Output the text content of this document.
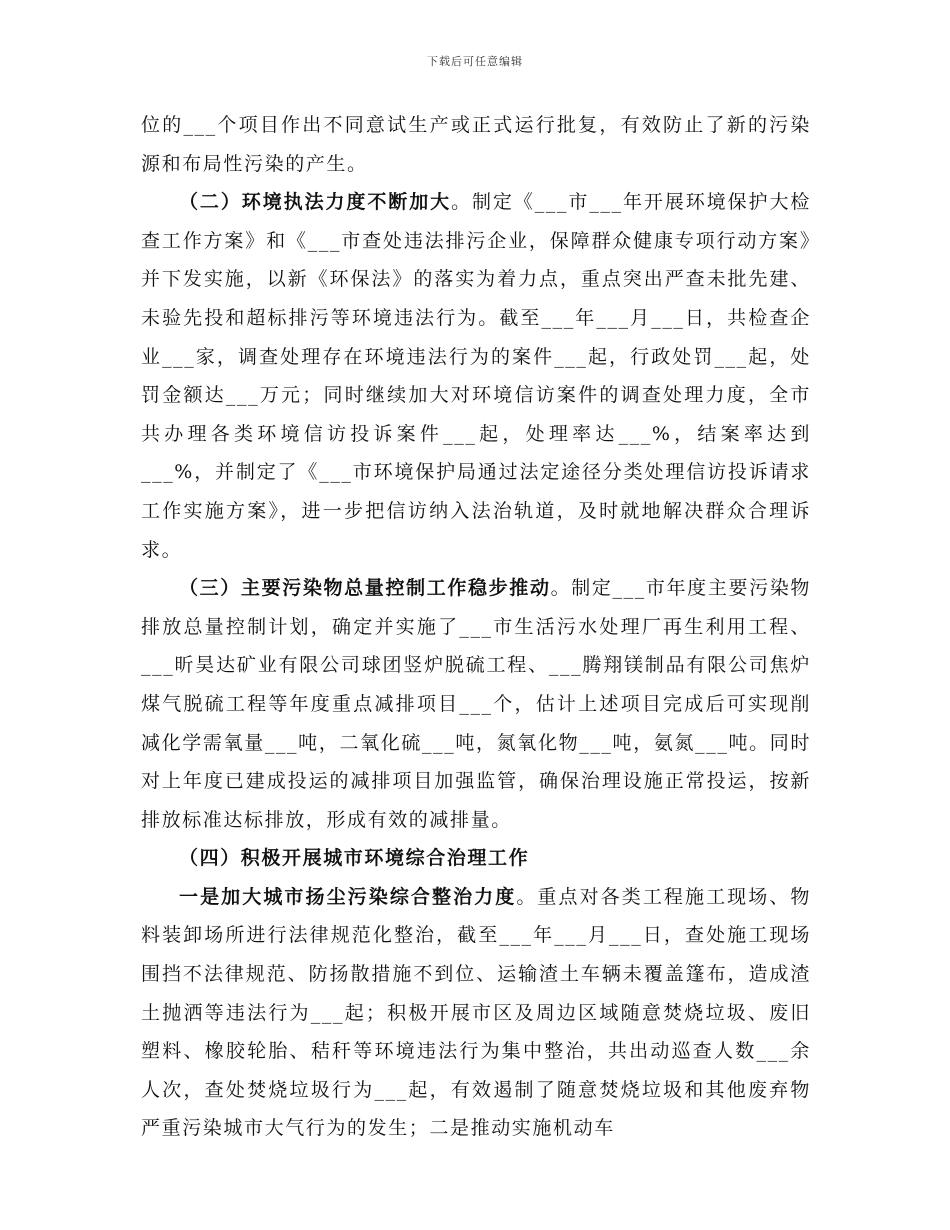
下载后可任意编辑

位的___个项目作出不同意试生产或正式运行批复，有效防止了新的污染源和布局性污染的产生。

（二）环境执法力度不断加大。制定《___市___年开展环境保护大检查工作方案》和《___市查处违法排污企业，保障群众健康专项行动方案》并下发实施，以新《环保法》的落实为着力点，重点突出严查未批先建、未验先投和超标排污等环境违法行为。截至___年___月___日，共检查企业___家，调查处理存在环境违法行为的案件___起，行政处罚___起，处罚金额达___万元；同时继续加大对环境信访案件的调查处理力度，全市共办理各类环境信访投诉案件___起，处理率达___%，结案率达到___%，并制定了《___市环境保护局通过法定途径分类处理信访投诉请求工作实施方案》，进一步把信访纳入法治轨道，及时就地解决群众合理诉求。

（三）主要污染物总量控制工作稳步推动。制定___市年度主要污染物排放总量控制计划，确定并实施了___市生活污水处理厂再生利用工程、___昕昊达矿业有限公司球团竖炉脱硫工程、___腾翔镁制品有限公司焦炉煤气脱硫工程等年度重点减排项目___个，估计上述项目完成后可实现削减化学需氧量___吨，二氧化硫___吨，氮氧化物___吨，氨氮___吨。同时对上年度已建成投运的减排项目加强监管，确保治理设施正常投运，按新排放标准达标排放，形成有效的减排量。

（四）积极开展城市环境综合治理工作

一是加大城市扬尘污染综合整治力度。重点对各类工程施工现场、物料装卸场所进行法律规范化整治，截至___年___月___日，查处施工现场围挡不法律规范、防扬散措施不到位、运输渣土车辆未覆盖篷布，造成渣土抛洒等违法行为___起；积极开展市区及周边区域随意焚烧垃圾、废旧塑料、橡胶轮胎、秸秆等环境违法行为集中整治，共出动巡查人数___余人次，查处焚烧垃圾行为___起，有效遏制了随意焚烧垃圾和其他废弃物严重污染城市大气行为的发生；二是推动实施机动车
